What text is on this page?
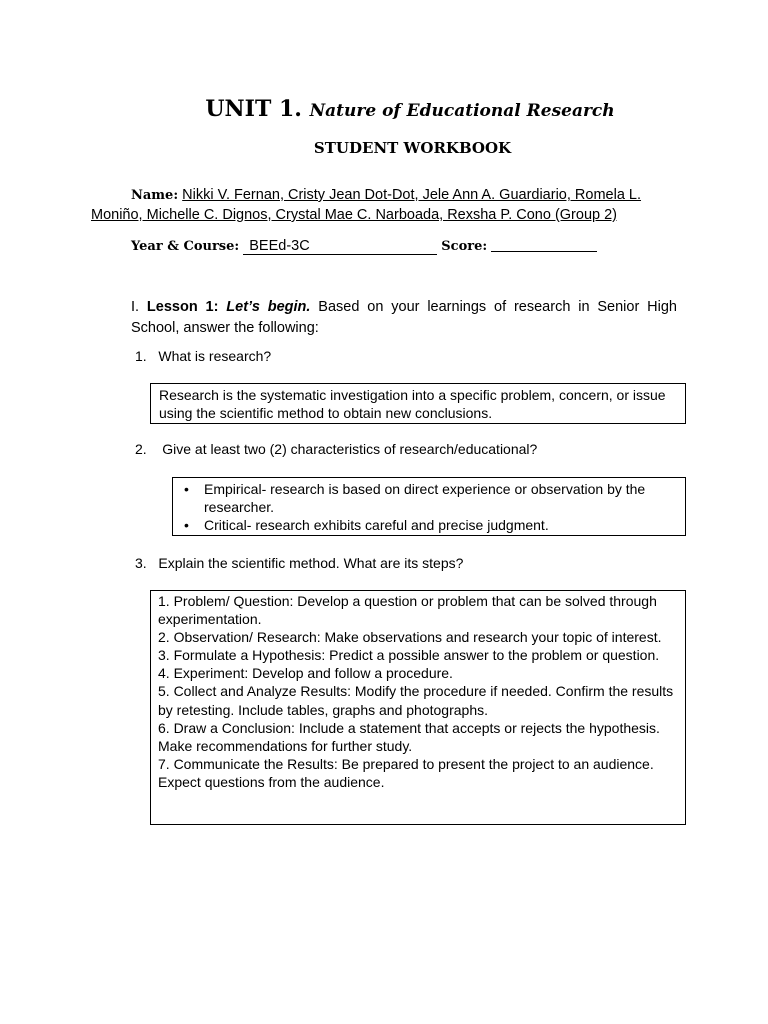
UNIT 1. Nature of Educational Research
STUDENT WORKBOOK
Name: Nikki V. Fernan, Cristy Jean Dot-Dot, Jele Ann A. Guardiario, Romela L.
Moniño, Michelle C. Dignos, Crystal Mae C. Narboada, Rexsha P. Cono (Group 2)
Year & Course: BEEd-3C	Score:
I. Lesson 1: Let’s begin. Based on your learnings of research in Senior High
School, answer the following:
1. What is research?
Research is the systematic investigation into a specific problem, concern, or issue using the scientific method to obtain new conclusions.
2. Give at least two (2) characteristics of research/educational?
• Empirical- research is based on direct experience or observation by the researcher.
• Critical- research exhibits careful and precise judgment.
3. Explain the scientific method. What are its steps?
1. Problem/ Question: Develop a question or problem that can be solved through experimentation.
2. Observation/ Research: Make observations and research your topic of interest.
3. Formulate a Hypothesis: Predict a possible answer to the problem or question.
4. Experiment: Develop and follow a procedure.
5. Collect and Analyze Results: Modify the procedure if needed. Confirm the results by retesting. Include tables, graphs and photographs.
6. Draw a Conclusion: Include a statement that accepts or rejects the hypothesis. Make recommendations for further study.
7. Communicate the Results: Be prepared to present the project to an audience. Expect questions from the audience.
